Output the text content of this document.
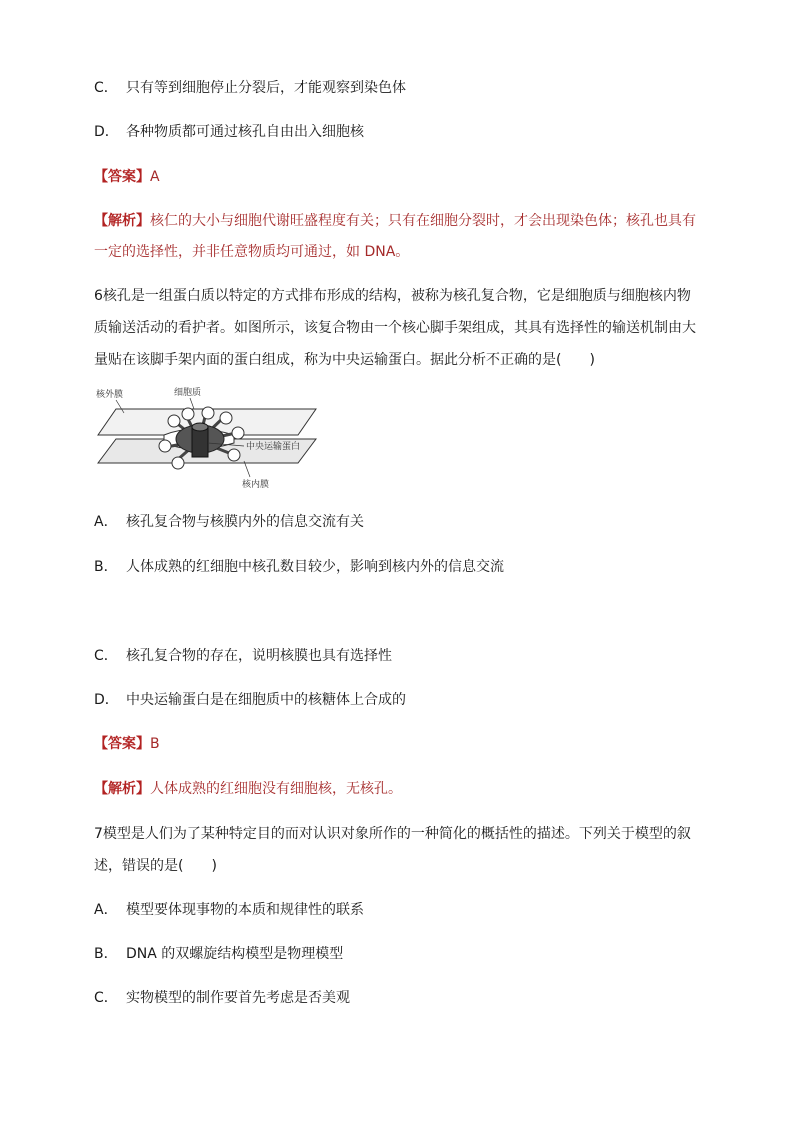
C． 只有等到细胞停止分裂后，才能观察到染色体
D． 各种物质都可通过核孔自由出入细胞核
【答案】A
【解析】核仁的大小与细胞代谢旺盛程度有关；只有在细胞分裂时，才会出现染色体；核孔也具有
一定的选择性，并非任意物质均可通过，如 DNA。
6核孔是一组蛋白质以特定的方式排布形成的结构，被称为核孔复合物，它是细胞质与细胞核内物
质输送活动的看护者。如图所示，该复合物由一个核心脚手架组成，其具有选择性的输送机制由大
量贴在该脚手架内面的蛋白组成，称为中央运输蛋白。据此分析不正确的是(　　)
核外膜	细胞质
中央运输蛋白
核内膜
A． 核孔复合物与核膜内外的信息交流有关
B． 人体成熟的红细胞中核孔数目较少，影响到核内外的信息交流
C． 核孔复合物的存在，说明核膜也具有选择性
D． 中央运输蛋白是在细胞质中的核糖体上合成的
【答案】B
【解析】人体成熟的红细胞没有细胞核，无核孔。
7模型是人们为了某种特定目的而对认识对象所作的一种简化的概括性的描述。下列关于模型的叙
述，错误的是(　　)
A． 模型要体现事物的本质和规律性的联系
B． DNA 的双螺旋结构模型是物理模型
C． 实物模型的制作要首先考虑是否美观
